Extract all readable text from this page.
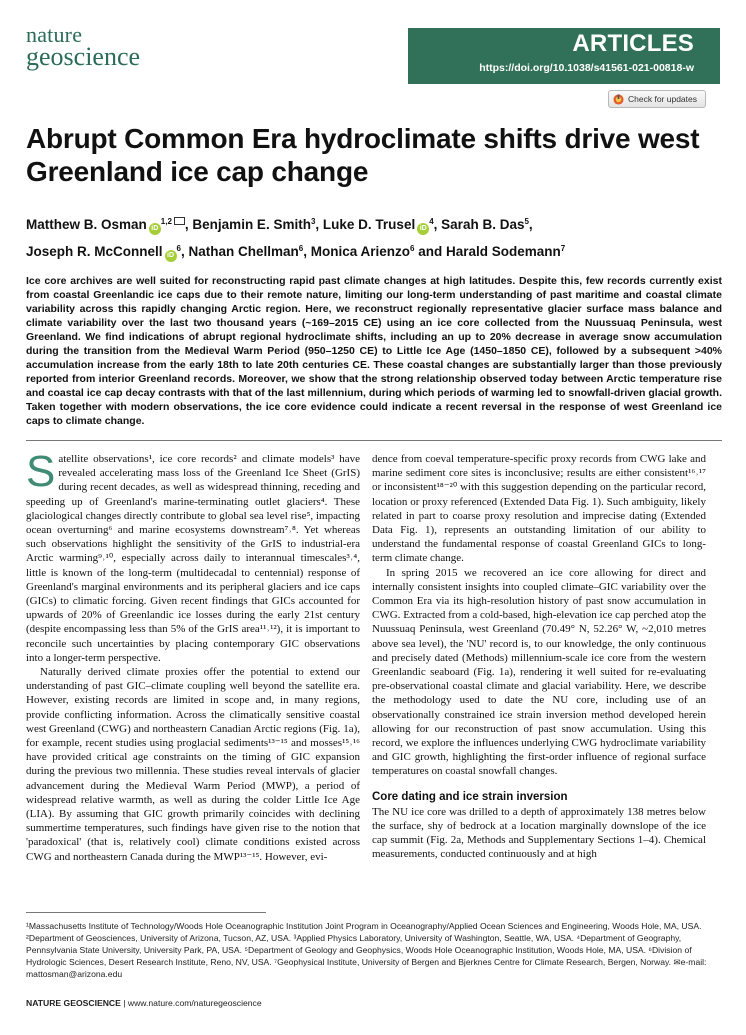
nature
geoscience	ARTICLES
https://doi.org/10.1038/s41561-021-00818-w
Check for updates
Abrupt Common Era hydroclimate shifts drive west Greenland ice cap change
Matthew B. Osman iD$^{1,2}$ , Benjamin E. Smith$^3$, Luke D. Trusel $iD^4$, Sarah B. Das$^5$,
Joseph R. McConnell $iD^6$, Nathan Chellman$^6$, Monica Arienzo$^6$ and Harald Sodemann$^7$

Ice core archives are well suited for reconstructing rapid past climate changes at high latitudes. Despite this, few records currently exist from coastal Greenlandic ice caps due to their remote nature, limiting our long-term understanding of past maritime and coastal climate variability across this rapidly changing Arctic region. Here, we reconstruct regionally representative glacier surface mass balance and climate variability over the last two thousand years (~169–2015 CE) using an ice core collected from the Nuussuaq Peninsula, west Greenland. We find indications of abrupt regional hydroclimate shifts, including an up to 20% decrease in average snow accumulation during the transition from the Medieval Warm Period (950–1250 CE) to Little Ice Age (1450–1850 CE), followed by a subsequent >40% accumulation increase from the early 18th to late 20th centuries CE. These coastal changes are substantially larger than those previously reported from interior Greenland records. Moreover, we show that the strong relationship observed today between Arctic temperature rise and coastal ice cap decay contrasts with that of the last millennium, during which periods of warming led to snowfall-driven glacial growth. Taken together with modern observations, the ice core evidence could indicate a recent reversal in the response of west Greenland ice caps to climate change.

Satellite observations¹, ice core records² and climate models³ have revealed accelerating mass loss of the Greenland Ice Sheet (GrIS) during recent decades, as well as widespread thinning, receding and speeding up of Greenland's marine-terminating outlet glaciers⁴. These glaciological changes directly contribute to global sea level rise⁵, impacting ocean overturning⁶ and marine ecosystems downstream⁷˒⁸. Yet whereas such observations highlight the sensitivity of the GrIS to industrial-era Arctic warming⁹˒¹⁰, especially across daily to interannual timescales³˒⁴, little is known of the long-term (multidecadal to centennial) response of Greenland's marginal environments and its peripheral glaciers and ice caps (GICs) to climatic forcing. Given recent findings that GICs accounted for upwards of 20% of Greenlandic ice losses during the early 21st century (despite encompassing less than 5% of the GrIS area¹¹˒¹²), it is important to reconcile such uncertainties by placing contemporary GIC observations into a longer-term perspective.

Naturally derived climate proxies offer the potential to extend our understanding of past GIC–climate coupling well beyond the satellite era. However, existing records are limited in scope and, in many regions, provide conflicting information. Across the climatically sensitive coastal west Greenland (CWG) and northeastern Canadian Arctic regions (Fig. 1a), for example, recent studies using proglacial sediments¹³⁻¹⁵ and mosses¹⁵˒¹⁶ have provided critical age constraints on the timing of GIC expansion during the previous two millennia. These studies reveal intervals of glacier advancement during the Medieval Warm Period (MWP), a period of widespread relative warmth, as well as during the colder Little Ice Age (LIA). By assuming that GIC growth primarily coincides with declining summertime temperatures, such findings have given rise to the notion that 'paradoxical' (that is, relatively cool) climate conditions existed across CWG and northeastern Canada during the MWP¹³⁻¹⁵. However, evi-

dence from coeval temperature-specific proxy records from CWG lake and marine sediment core sites is inconclusive; results are either consistent¹⁶˒¹⁷ or inconsistent¹⁸⁻²⁰ with this suggestion depending on the particular record, location or proxy referenced (Extended Data Fig. 1). Such ambiguity, likely related in part to coarse proxy resolution and imprecise dating (Extended Data Fig. 1), represents an outstanding limitation of our ability to understand the fundamental response of coastal Greenland GICs to long-term climate change.

In spring 2015 we recovered an ice core allowing for direct and internally consistent insights into coupled climate–GIC variability over the Common Era via its high-resolution history of past snow accumulation in CWG. Extracted from a cold-based, high-elevation ice cap perched atop the Nuussuaq Peninsula, west Greenland (70.49° N, 52.26° W, ~2,010 metres above sea level), the 'NU' record is, to our knowledge, the only continuous and precisely dated (Methods) millennium-scale ice core from the western Greenlandic seaboard (Fig. 1a), rendering it well suited for re-evaluating pre-observational coastal climate and glacial variability. Here, we describe the methodology used to date the NU core, including use of an observationally constrained ice strain inversion method developed herein allowing for our reconstruction of past snow accumulation. Using this record, we explore the influences underlying CWG hydroclimate variability and GIC growth, highlighting the first-order influence of regional surface temperatures on coastal snowfall changes.

Core dating and ice strain inversion

The NU ice core was drilled to a depth of approximately 138 metres below the surface, shy of bedrock at a location marginally downslope of the ice cap summit (Fig. 2a, Methods and Supplementary Sections 1–4). Chemical measurements, conducted continuously and at high

¹Massachusetts Institute of Technology/Woods Hole Oceanographic Institution Joint Program in Oceanography/Applied Ocean Sciences and Engineering, Woods Hole, MA, USA. ²Department of Geosciences, University of Arizona, Tucson, AZ, USA. ³Applied Physics Laboratory, University of Washington, Seattle, WA, USA. ⁴Department of Geography, Pennsylvania State University, University Park, PA, USA. ⁵Department of Geology and Geophysics, Woods Hole Oceanographic Institution, Woods Hole, MA, USA. ⁶Division of Hydrologic Sciences, Desert Research Institute, Reno, NV, USA. ⁷Geophysical Institute, University of Bergen and Bjerknes Centre for Climate Research, Bergen, Norway. ✉e-mail: mattosman@arizona.edu
NATURE GEOSCIENCE | www.nature.com/naturegeoscience
